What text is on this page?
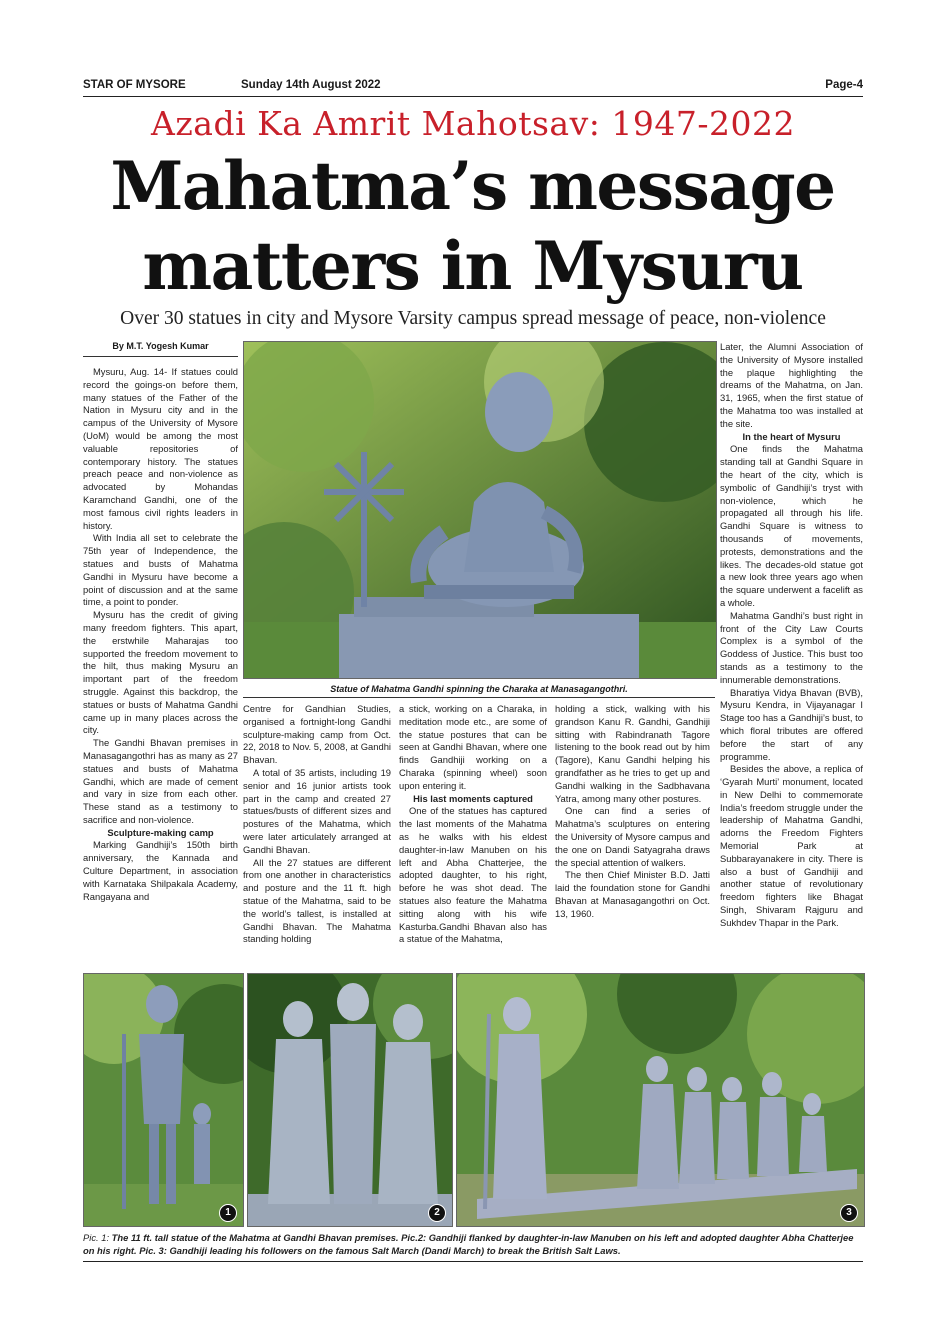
STAR OF MYSORE	Sunday 14th August 2022	Page-4
Azadi Ka Amrit Mahotsav: 1947-2022
Mahatma’s message
matters in Mysuru
Over 30 statues in city and Mysore Varsity campus spread message of peace, non-violence
By M.T. Yogesh Kumar

Mysuru, Aug. 14- If statues could record the goings-on before them, many statues of the Father of the Nation in Mysuru city and in the campus of the University of Mysore (UoM) would be among the most valuable repositories of contemporary history. The statues preach peace and non-violence as advocated by Mohandas Karamchand Gandhi, one of the most famous civil rights leaders in history.

With India all set to celebrate the 75th year of Independence, the statues and busts of Mahatma Gandhi in Mysuru have become a point of discussion and at the same time, a point to ponder.

Mysuru has the credit of giving many freedom fighters. This apart, the erstwhile Maharajas too supported the freedom movement to the hilt, thus making Mysuru an important part of the freedom struggle. Against this backdrop, the statues or busts of Mahatma Gandhi came up in many places across the city.

The Gandhi Bhavan premises in Manasagangothri has as many as 27 statues and busts of Mahatma Gandhi, which are made of cement and vary in size from each other. These stand as a testimony to sacrifice and non-violence.

Sculpture-making camp

Marking Gandhiji’s 150th birth anniversary, the Kannada and Culture Department, in association with Karnataka Shilpakala Academy, Rangayana and

Statue of Mahatma Gandhi spinning the Charaka at Manasagangothri.

Centre for Gandhian Studies, organised a fortnight-long Gandhi sculpture-making camp from Oct. 22, 2018 to Nov. 5, 2008, at Gandhi Bhavan.

A total of 35 artists, including 19 senior and 16 junior artists took part in the camp and created 27 statues/busts of different sizes and postures of the Mahatma, which were later articulately arranged at Gandhi Bhavan.

All the 27 statues are different from one another in characteristics and posture and the 11 ft. high statue of the Mahatma, said to be the world’s tallest, is installed at Gandhi Bhavan. The Mahatma standing holding

a stick, working on a Charaka, in meditation mode etc., are some of the statue postures that can be seen at Gandhi Bhavan, where one finds Gandhiji working on a Charaka (spinning wheel) soon upon entering it.

His last moments captured

One of the statues has captured the last moments of the Mahatma as he walks with his eldest daughter-in-law Manuben on his left and Abha Chatterjee, the adopted daughter, to his right, before he was shot dead. The statues also feature the Mahatma sitting along with his wife Kasturba.Gandhi Bhavan also has a statue of the Mahatma,

holding a stick, walking with his grandson Kanu R. Gandhi, Gandhiji sitting with Rabindranath Tagore listening to the book read out by him (Tagore), Kanu Gandhi helping his grandfather as he tries to get up and Gandhi walking in the Sadbhavana Yatra, among many other postures.

One can find a series of Mahatma’s sculptures on entering the University of Mysore campus and the one on Dandi Satyagraha draws the special attention of walkers.

The then Chief Minister B.D. Jatti laid the foundation stone for Gandhi Bhavan at Manasagangothri on Oct. 13, 1960.

Later, the Alumni Association of the University of Mysore installed the plaque highlighting the dreams of the Mahatma, on Jan. 31, 1965, when the first statue of the Mahatma too was installed at the site.

In the heart of Mysuru

One finds the Mahatma standing tall at Gandhi Square in the heart of the city, which is symbolic of Gandhiji’s tryst with non-violence, which he propagated all through his life. Gandhi Square is witness to thousands of movements, protests, demonstrations and the likes. The decades-old statue got a new look three years ago when the square underwent a facelift as a whole.

Mahatma Gandhi’s bust right in front of the City Law Courts Complex is a symbol of the Goddess of Justice. This bust too stands as a testimony to the innumerable demonstrations.

Bharatiya Vidya Bhavan (BVB), Mysuru Kendra, in Vijayanagar I Stage too has a Gandhiji’s bust, to which floral tributes are offered before the start of any programme.

Besides the above, a replica of ‘Gyarah Murti’ monument, located in New Delhi to commemorate India’s freedom struggle under the leadership of Mahatma Gandhi, adorns the Freedom Fighters Memorial Park at Subbarayanakere in city. There is also a bust of Gandhiji and another statue of revolutionary freedom fighters like Bhagat Singh, Shivaram Rajguru and Sukhdev Thapar in the Park.

1	2	3
Pic. 1: The 11 ft. tall statue of the Mahatma at Gandhi Bhavan premises. Pic.2: Gandhiji flanked by daughter-in-law Manuben on his left and adopted daughter Abha Chatterjee on his right. Pic. 3: Gandhiji leading his followers on the famous Salt March (Dandi March) to break the British Salt Laws.
